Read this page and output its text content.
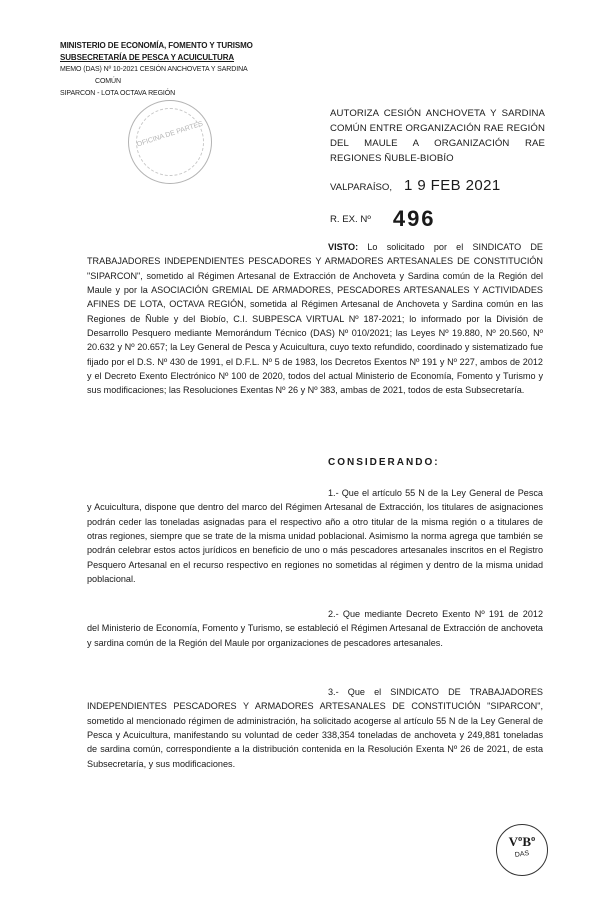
MINISTERIO DE ECONOMÍA, FOMENTO Y TURISMO
SUBSECRETARÍA DE PESCA Y ACUICULTURA
MEMO (DAS) Nº 10-2021 CESIÓN ANCHOVETA Y SARDINA
COMÚN
SIPARCON - LOTA OCTAVA REGIÓN
OFICINA DE PARTES
AUTORIZA CESIÓN ANCHOVETA Y SARDINA COMÚN ENTRE ORGANIZACIÓN RAE REGIÓN DEL MAULE A ORGANIZACIÓN RAE REGIONES ÑUBLE-BIOBÍO
VALPARAÍSO, 1 9 FEB 2021
R. EX. Nº 496

VISTO: Lo solicitado por el SINDICATO DE TRABAJADORES INDEPENDIENTES PESCADORES Y ARMADORES ARTESANALES DE CONSTITUCIÓN "SIPARCON", sometido al Régimen Artesanal de Extracción de Anchoveta y Sardina común de la Región del Maule y por la ASOCIACIÓN GREMIAL DE ARMADORES, PESCADORES ARTESANALES Y ACTIVIDADES AFINES DE LOTA, OCTAVA REGIÓN, sometida al Régimen Artesanal de Anchoveta y Sardina común en las Regiones de Ñuble y del Biobío, C.I. SUBPESCA VIRTUAL Nº 187-2021; lo informado por la División de Desarrollo Pesquero mediante Memorándum Técnico (DAS) Nº 010/2021; las Leyes Nº 19.880, Nº 20.560, Nº 20.632 y Nº 20.657; la Ley General de Pesca y Acuicultura, cuyo texto refundido, coordinado y sistematizado fue fijado por el D.S. Nº 430 de 1991, el D.F.L. Nº 5 de 1983, los Decretos Exentos Nº 191 y Nº 227, ambos de 2012 y el Decreto Exento Electrónico Nº 100 de 2020, todos del actual Ministerio de Economía, Fomento y Turismo y sus modificaciones; las Resoluciones Exentas Nº 26 y Nº 383, ambas de 2021, todos de esta Subsecretaría.

CONSIDERANDO:

1.- Que el artículo 55 N de la Ley General de Pesca y Acuicultura, dispone que dentro del marco del Régimen Artesanal de Extracción, los titulares de asignaciones podrán ceder las toneladas asignadas para el respectivo año a otro titular de la misma región o a titulares de otras regiones, siempre que se trate de la misma unidad poblacional. Asimismo la norma agrega que también se podrán celebrar estos actos jurídicos en beneficio de uno o más pescadores artesanales inscritos en el Registro Pesquero Artesanal en el recurso respectivo en regiones no sometidas al régimen y dentro de la misma unidad poblacional.

2.- Que mediante Decreto Exento Nº 191 de 2012 del Ministerio de Economía, Fomento y Turismo, se estableció el Régimen Artesanal de Extracción de anchoveta y sardina común de la Región del Maule por organizaciones de pescadores artesanales.

3.- Que el SINDICATO DE TRABAJADORES INDEPENDIENTES PESCADORES Y ARMADORES ARTESANALES DE CONSTITUCIÓN "SIPARCON", sometido al mencionado régimen de administración, ha solicitado acogerse al artículo 55 N de la Ley General de Pesca y Acuicultura, manifestando su voluntad de ceder 338,354 toneladas de anchoveta y 249,881 toneladas de sardina común, correspondiente a la distribución contenida en la Resolución Exenta Nº 26 de 2021, de esta Subsecretaría, y sus modificaciones.

VºBº
DAS
